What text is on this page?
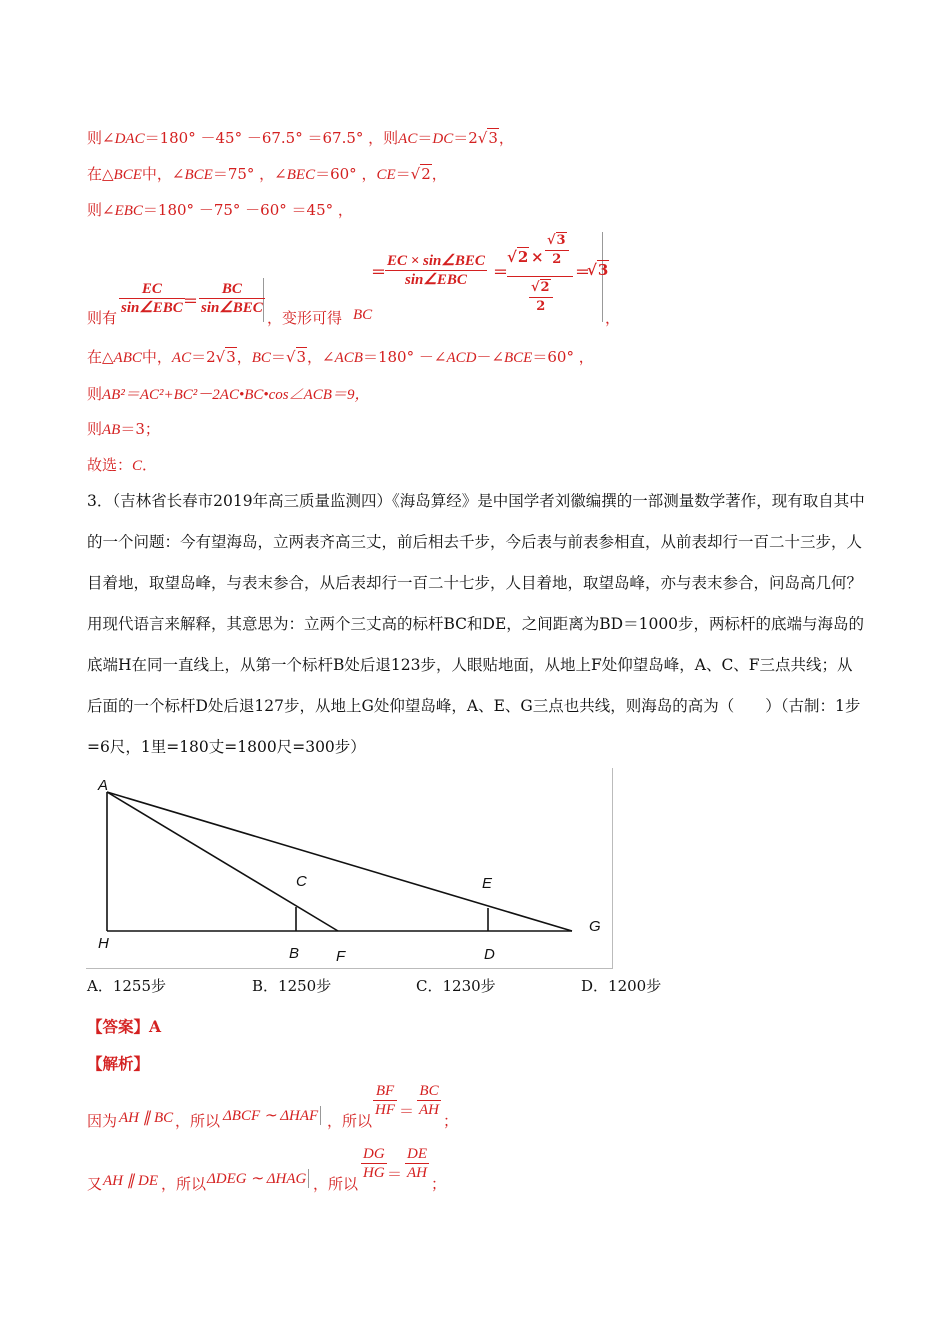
则∠DAC＝180° －45° －67.5° ＝67.5° ，则AC＝DC＝2√3，
在△BCE中，∠BCE＝75° ，∠BEC＝60° ，CE＝√2，
则∠EBC＝180° －75° －60° ＝45° ，
则有
EC
sin∠EBC ＝
BC
sin∠BEC
，变形可得 BC
＝
EC × sin∠BEC
sin∠EBC	＝
$√2 \times \frac{√3}{2}$
$\frac{√2}{2}$
＝
√3
，
在△ABC中，AC＝2√3，BC＝√3，∠ACB＝180° －∠ACD－∠BCE＝60° ，
则AB²＝AC²+BC²－2AC•BC•cos∠ACB＝9，
则AB＝3；
故选：C．
3．（吉林省长春市2019年高三质量监测四）《海岛算经》是中国学者刘徽编撰的一部测量数学著作，现有取自其中的一个问题：今有望海岛，立两表齐高三丈，前后相去千步，今后表与前表参相直，从前表却行一百二十三步，人目着地，取望岛峰，与表末参合，从后表却行一百二十七步，人目着地，取望岛峰，亦与表末参合，问岛高几何？用现代语言来解释，其意思为：立两个三丈高的标杆BC和DE，之间距离为BD＝1000步，两标杆的底端与海岛的底端H在同一直线上，从第一个标杆B处后退123步，人眼贴地面，从地上F处仰望岛峰，A、C、F三点共线；从后面的一个标杆D处后退127步，从地上G处仰望岛峰，A、E、G三点也共线，则海岛的高为（　　）（古制：1步=6尺，1里=180丈=1800尺=300步）
A
H
C
B F
E
D
G
A．1255步	B．1250步	C．1230步	D．1200步
【答案】A
【解析】
因为 AH ∥ BC ，所以 ΔBCF ∼ ΔHAF ，所以
$\frac{BF}{HF} = \frac{BC}{AH}$
；
又 AH ∥ DE ，所以 ΔDEG ∼ ΔHAG ，所以
$\frac{DG}{HG} = \frac{DE}{AH}$
；
